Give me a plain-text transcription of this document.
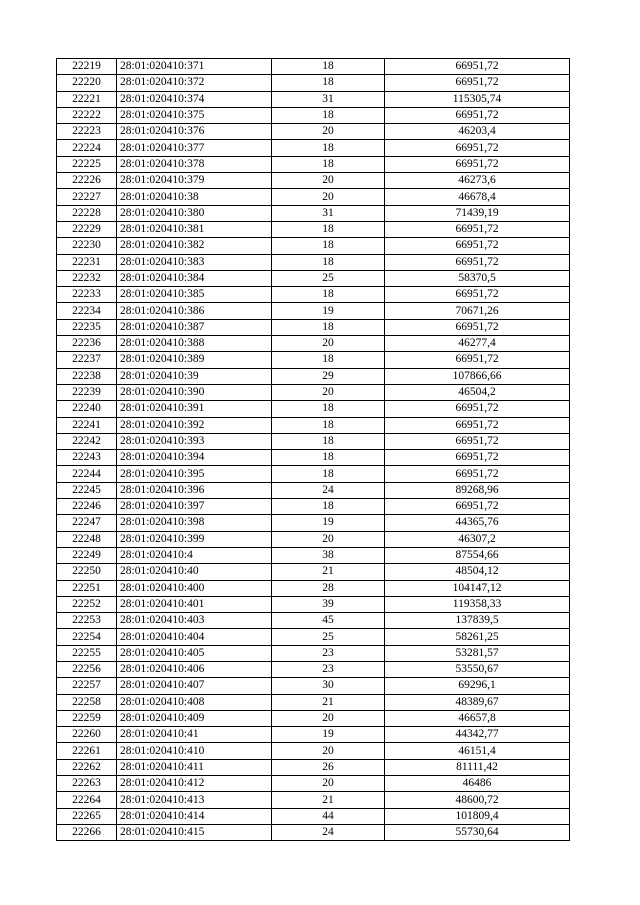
22219	28:01:020410:371	18	66951,72
22220	28:01:020410:372	18	66951,72
22221	28:01:020410:374	31	115305,74
22222	28:01:020410:375	18	66951,72
22223	28:01:020410:376	20	46203,4
22224	28:01:020410:377	18	66951,72
22225	28:01:020410:378	18	66951,72
22226	28:01:020410:379	20	46273,6
22227	28:01:020410:38	20	46678,4
22228	28:01:020410:380	31	71439,19
22229	28:01:020410:381	18	66951,72
22230	28:01:020410:382	18	66951,72
22231	28:01:020410:383	18	66951,72
22232	28:01:020410:384	25	58370,5
22233	28:01:020410:385	18	66951,72
22234	28:01:020410:386	19	70671,26
22235	28:01:020410:387	18	66951,72
22236	28:01:020410:388	20	46277,4
22237	28:01:020410:389	18	66951,72
22238	28:01:020410:39	29	107866,66
22239	28:01:020410:390	20	46504,2
22240	28:01:020410:391	18	66951,72
22241	28:01:020410:392	18	66951,72
22242	28:01:020410:393	18	66951,72
22243	28:01:020410:394	18	66951,72
22244	28:01:020410:395	18	66951,72
22245	28:01:020410:396	24	89268,96
22246	28:01:020410:397	18	66951,72
22247	28:01:020410:398	19	44365,76
22248	28:01:020410:399	20	46307,2
22249	28:01:020410:4	38	87554,66
22250	28:01:020410:40	21	48504,12
22251	28:01:020410:400	28	104147,12
22252	28:01:020410:401	39	119358,33
22253	28:01:020410:403	45	137839,5
22254	28:01:020410:404	25	58261,25
22255	28:01:020410:405	23	53281,57
22256	28:01:020410:406	23	53550,67
22257	28:01:020410:407	30	69296,1
22258	28:01:020410:408	21	48389,67
22259	28:01:020410:409	20	46657,8
22260	28:01:020410:41	19	44342,77
22261	28:01:020410:410	20	46151,4
22262	28:01:020410:411	26	81111,42
22263	28:01:020410:412	20	46486
22264	28:01:020410:413	21	48600,72
22265	28:01:020410:414	44	101809,4
22266	28:01:020410:415	24	55730,64
